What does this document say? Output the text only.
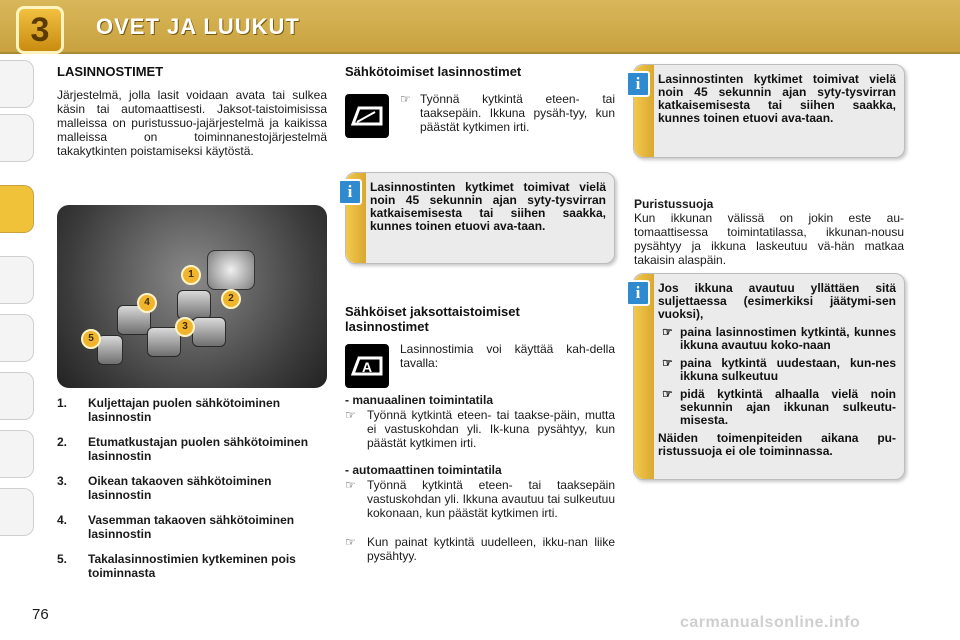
3	OVET JA LUUKUT
LASINNOSTIMET
Järjestelmä, jolla lasit voidaan avata tai sulkea käsin tai automaattisesti. Jaksot-taistoimisissa malleissa on puristussuo-jajärjestelmä ja kaikissa malleissa on toiminnanestojärjestelmä takakytkinten poistamiseksi käytöstä.
1
2
3
4
5
1.	Kuljettajan puolen sähkötoiminen lasinnostin
2.	Etumatkustajan puolen sähkötoiminen lasinnostin
3.	Oikean takaoven sähkötoiminen lasinnostin
4.	Vasemman takaoven sähkötoiminen lasinnostin
5.	Takalasinnostimien kytkeminen pois toiminnasta
Sähkötoimiset lasinnostimet
☞ Työnnä kytkintä eteen- tai taaksepäin. Ikkuna pysäh-tyy, kun päästät kytkimen irti.
i	Lasinnostinten kytkimet toimivat vielä noin 45 sekunnin ajan syty-tysvirran katkaisemisesta tai siihen saakka, kunnes toinen etuovi ava-taan.
Sähköiset jaksottaistoimiset lasinnostimet
A
Lasinnostimia voi käyttää kah-della tavalla:
- manuaalinen toimintatila
☞ Työnnä kytkintä eteen- tai taakse-päin, mutta ei vastuskohdan yli. Ik-kuna pysähtyy, kun päästät kytkimen irti.
- automaattinen toimintatila
☞ Työnnä kytkintä eteen- tai taaksepäin vastuskohdan yli. Ikkuna avautuu tai sulkeutuu kokonaan, kun päästät kytkimen irti.
☞ Kun painat kytkintä uudelleen, ikku-nan liike pysähtyy.
i	Lasinnostinten kytkimet toimivat vielä noin 45 sekunnin ajan syty-tysvirran katkaisemisesta tai siihen saakka, kunnes toinen etuovi ava-taan.
Puristussuoja
Kun ikkunan välissä on jokin este au-tomaattisessa toimintatilassa, ikkunan-nousu pysähtyy ja ikkuna laskeutuu vä-hän matkaa takaisin alaspäin.
i	Jos ikkuna avautuu yllättäen sitä suljettaessa (esimerkiksi jäätymi-sen vuoksi),
☞ paina lasinnostimen kytkintä, kunnes ikkuna avautuu koko-naan
☞ paina kytkintä uudestaan, kun-nes ikkuna sulkeutuu
☞ pidä kytkintä alhaalla vielä noin sekunnin ajan ikkunan sulkeutu-misesta.
Näiden toimenpiteiden aikana pu-ristussuoja ei ole toiminnassa.
76	carmanualsonline.info
